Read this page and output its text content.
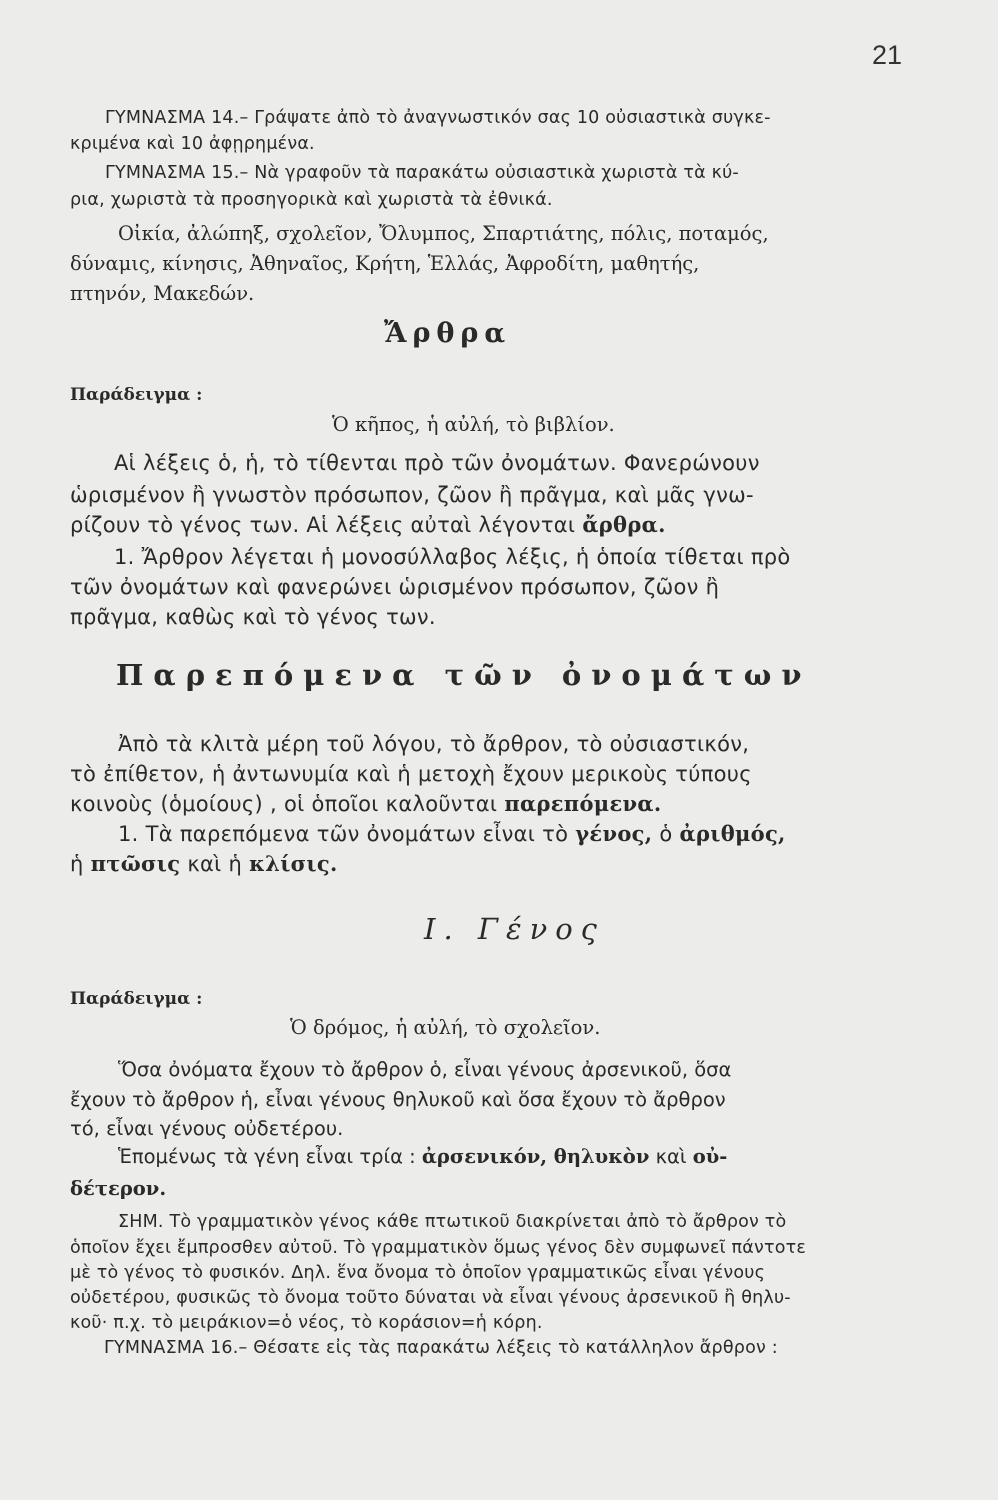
21
ΓΥΜΝΑΣΜΑ 14.– Γράψατε ἀπὸ τὸ ἀναγνωστικόν σας 10 οὐσιαστικὰ συγκε-
κριμένα καὶ 10 ἀφῃρημένα.
ΓΥΜΝΑΣΜΑ 15.– Νὰ γραφοῦν τὰ παρακάτω οὐσιαστικὰ χωριστὰ τὰ κύ-
ρια, χωριστὰ τὰ προσηγορικὰ καὶ χωριστὰ τὰ ἐθνικά.
Οἰκία, ἀλώπηξ, σχολεῖον, Ὄλυμπος, Σπαρτιάτης, πόλις, ποταμός,
δύναμις, κίνησις, Ἀθηναῖος, Κρήτη, Ἑλλάς, Ἀφροδίτη, μαθητής,
πτηνόν, Μακεδών.
Ἄρθρα
Παράδειγμα :
Ὁ κῆπος, ἡ αὐλή, τὸ βιβλίον.
Αἱ λέξεις ὁ, ἡ, τὸ τίθενται πρὸ τῶν ὀνομάτων. Φανερώνουν
ὡρισμένον ἢ γνωστὸν πρόσωπον, ζῶον ἢ πρᾶγμα, καὶ μᾶς γνω-
ρίζουν τὸ γένος των. Αἱ λέξεις αὐταὶ λέγονται ἄρθρα.
1. Ἄρθρον λέγεται ἡ μονοσύλλαβος λέξις, ἡ ὁποία τίθεται πρὸ
τῶν ὀνομάτων καὶ φανερώνει ὡρισμένον πρόσωπον, ζῶον ἢ
πρᾶγμα, καθὼς καὶ τὸ γένος των.
Παρεπόμενα τῶν ὀνομάτων
Ἀπὸ τὰ κλιτὰ μέρη τοῦ λόγου, τὸ ἄρθρον, τὸ οὐσιαστικόν,
τὸ ἐπίθετον, ἡ ἀντωνυμία καὶ ἡ μετοχὴ ἔχουν μερικοὺς τύπους
κοινοὺς (ὁμοίους) , οἱ ὁποῖοι καλοῦνται παρεπόμενα.
1. Τὰ παρεπόμενα τῶν ὀνομάτων εἶναι τὸ γένος, ὁ ἀριθμός,
ἡ πτῶσις καὶ ἡ κλίσις.
Ι. Γένος
Παράδειγμα :
Ὁ δρόμος, ἡ αὐλή, τὸ σχολεῖον.
Ὅσα ὀνόματα ἔχουν τὸ ἄρθρον ὁ, εἶναι γένους ἀρσενικοῦ, ὅσα
ἔχουν τὸ ἄρθρον ἡ, εἶναι γένους θηλυκοῦ καὶ ὅσα ἔχουν τὸ ἄρθρον
τό, εἶναι γένους οὐδετέρου.
Ἑπομένως τὰ γένη εἶναι τρία : ἀρσενικόν, θηλυκὸν καὶ οὐ-
δέτερον.
ΣΗΜ. Τὸ γραμματικὸν γένος κάθε πτωτικοῦ διακρίνεται ἀπὸ τὸ ἄρθρον τὸ
ὁποῖον ἔχει ἔμπροσθεν αὐτοῦ. Τὸ γραμματικὸν ὅμως γένος δὲν συμφωνεῖ πάντοτε
μὲ τὸ γένος τὸ φυσικόν. Δηλ. ἕνα ὄνομα τὸ ὁποῖον γραμματικῶς εἶναι γένους
οὐδετέρου, φυσικῶς τὸ ὄνομα τοῦτο δύναται νὰ εἶναι γένους ἀρσενικοῦ ἢ θηλυ-
κοῦ· π.χ. τὸ μειράκιον=ὁ νέος, τὸ κοράσιον=ἡ κόρη.
ΓΥΜΝΑΣΜΑ 16.– Θέσατε εἰς τὰς παρακάτω λέξεις τὸ κατάλληλον ἄρθρον :
